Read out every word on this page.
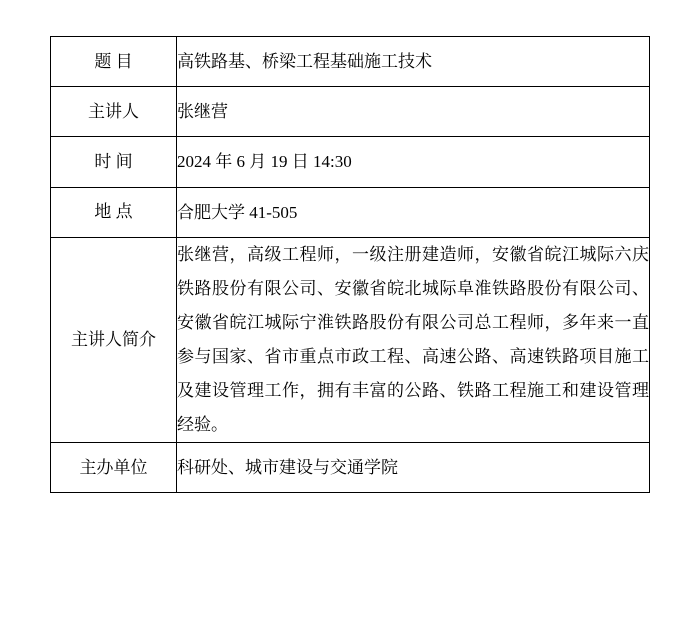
题 目	高铁路基、桥梁工程基础施工技术
主讲人	张继营
时 间	2024 年 6 月 19 日 14:30
地 点	合肥大学 41-505
主讲人简介	张继营，高级工程师，一级注册建造师，安徽省皖江城际六庆铁路股份有限公司、安徽省皖北城际阜淮铁路股份有限公司、安徽省皖江城际宁淮铁路股份有限公司总工程师，多年来一直参与国家、省市重点市政工程、高速公路、高速铁路项目施工及建设管理工作，拥有丰富的公路、铁路工程施工和建设管理经验。
主办单位	科研处、城市建设与交通学院
